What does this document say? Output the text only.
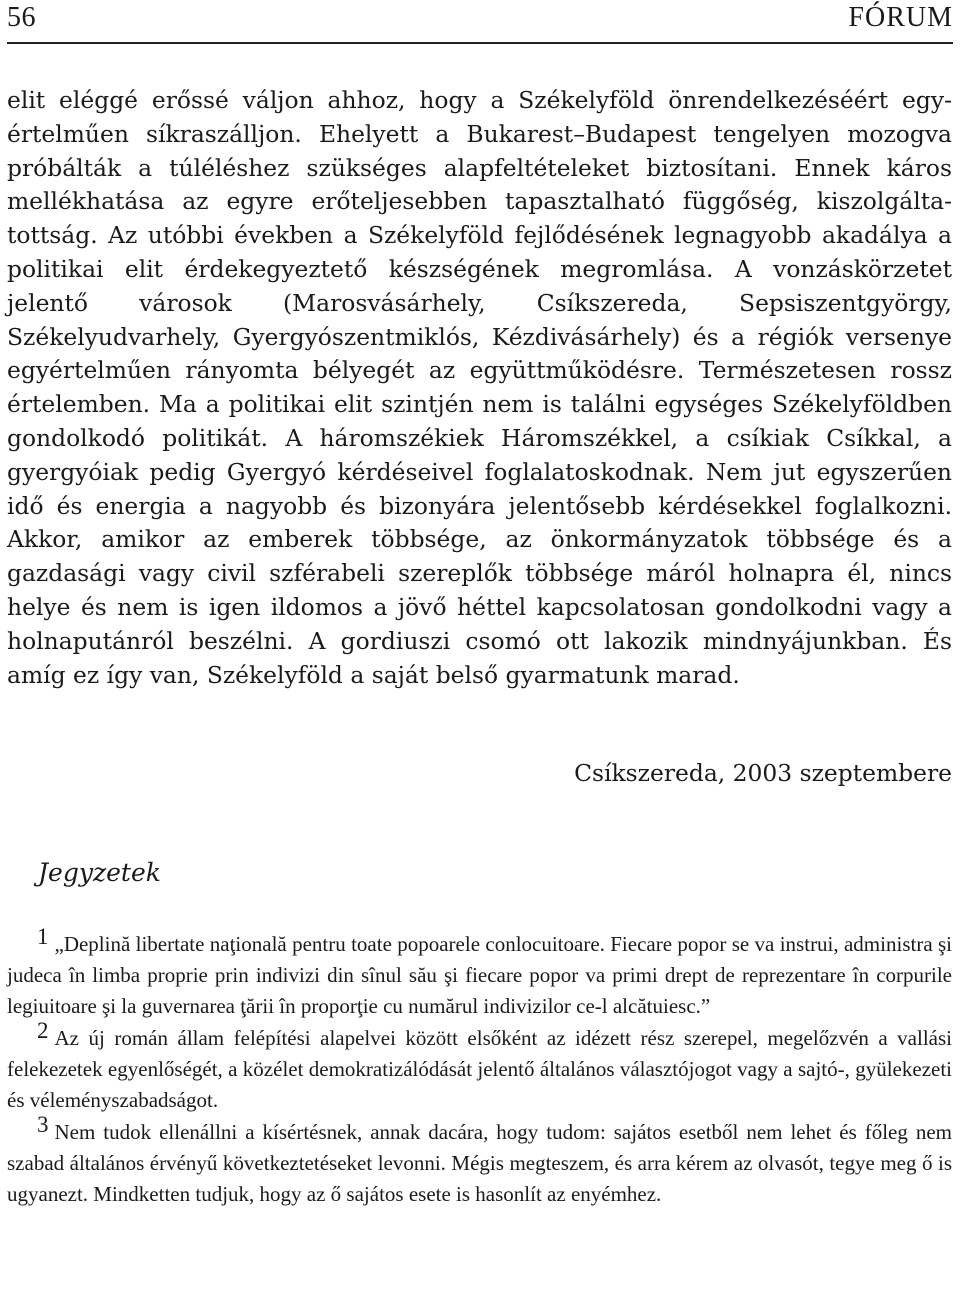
56	FÓRUM

elit eléggé erőssé váljon ahhoz, hogy a Székelyföld önrendelkezéséért egyértelműen síkraszálljon. Ehelyett a Bukarest–Budapest tengelyen mozogva próbálták a túléléshez szükséges alapfeltételeket biztosítani. Ennek káros mellékhatása az egyre erőteljesebben tapasztalható függőség, kiszolgáltatottság. Az utóbbi években a Székelyföld fejlődésének legnagyobb akadálya a politikai elit érdekegyeztető készségének megromlása. A vonzáskörzetet jelentő városok (Marosvásárhely, Csíkszereda, Sepsiszentgyörgy, Székelyudvarhely, Gyergyószentmiklós, Kézdivásárhely) és a régiók versenye egyértelműen rányomta bélyegét az együttműködésre. Természetesen rossz értelemben. Ma a politikai elit szintjén nem is találni egységes Székelyföldben gondolkodó politikát. A háromszékiek Háromszékkel, a csíkiak Csíkkal, a gyergyóiak pedig Gyergyó kérdéseivel foglalatoskodnak. Nem jut egyszerűen idő és energia a nagyobb és bizonyára jelentősebb kérdésekkel foglalkozni. Akkor, amikor az emberek többsége, az önkormányzatok többsége és a gazdasági vagy civil szférabeli szereplők többsége máról holnapra él, nincs helye és nem is igen ildomos a jövő héttel kapcsolatosan gondolkodni vagy a holnaputánról beszélni. A gordiuszi csomó ott lakozik mindnyájunkban. És amíg ez így van, Székelyföld a saját belső gyarmatunk marad.

Csíkszereda, 2003 szeptembere

Jegyzetek

1 „Deplină libertate naţională pentru toate popoarele conlocuitoare. Fiecare popor se va instrui, administra şi judeca în limba proprie prin indivizi din sînul său şi fiecare popor va primi drept de reprezentare în corpurile legiuitoare şi la guvernarea ţării în proporţie cu numărul indivizilor ce-l alcătuiesc.”

2 Az új román állam felépítési alapelvei között elsőként az idézett rész szerepel, megelőzvén a vallási felekezetek egyenlőségét, a közélet demokratizálódását jelentő általános választójogot vagy a sajtó-, gyülekezeti és véleményszabadságot.

3 Nem tudok ellenállni a kísértésnek, annak dacára, hogy tudom: sajátos esetből nem lehet és főleg nem szabad általános érvényű következtetéseket levonni. Mégis megteszem, és arra kérem az olvasót, tegye meg ő is ugyanezt. Mindketten tudjuk, hogy az ő sajátos esete is hasonlít az enyémhez.
